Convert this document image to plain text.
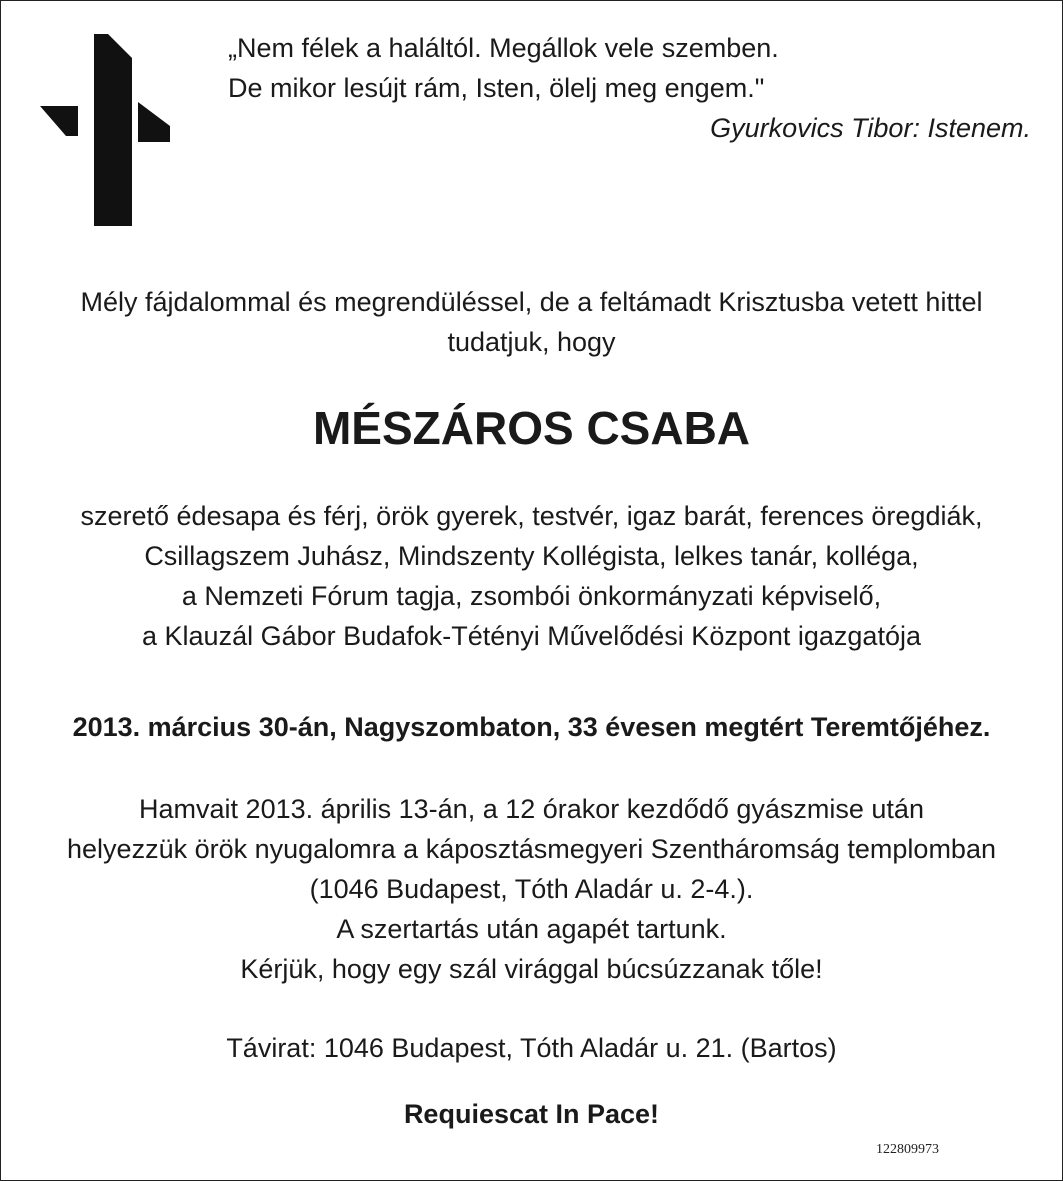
„Nem félek a haláltól. Megállok vele szemben.
De mikor lesújt rám, Isten, ölelj meg engem."
Gyurkovics Tibor: Istenem.
Mély fájdalommal és megrendüléssel, de a feltámadt Krisztusba vetett hittel
tudatjuk, hogy
MÉSZÁROS CSABA
szerető édesapa és férj, örök gyerek, testvér, igaz barát, ferences öregdiák,
Csillagszem Juhász, Mindszenty Kollégista, lelkes tanár, kolléga,
a Nemzeti Fórum tagja, zsombói önkormányzati képviselő,
a Klauzál Gábor Budafok-Tétényi Művelődési Központ igazgatója
2013. március 30-án, Nagyszombaton, 33 évesen megtért Teremtőjéhez.
Hamvait 2013. április 13-án, a 12 órakor kezdődő gyászmise után
helyezzük örök nyugalomra a káposztásmegyeri Szentháromság templomban
(1046 Budapest, Tóth Aladár u. 2-4.).
A szertartás után agapét tartunk.
Kérjük, hogy egy szál virággal búcsúzzanak tőle!
Távirat: 1046 Budapest, Tóth Aladár u. 21. (Bartos)
Requiescat In Pace!
122809973
